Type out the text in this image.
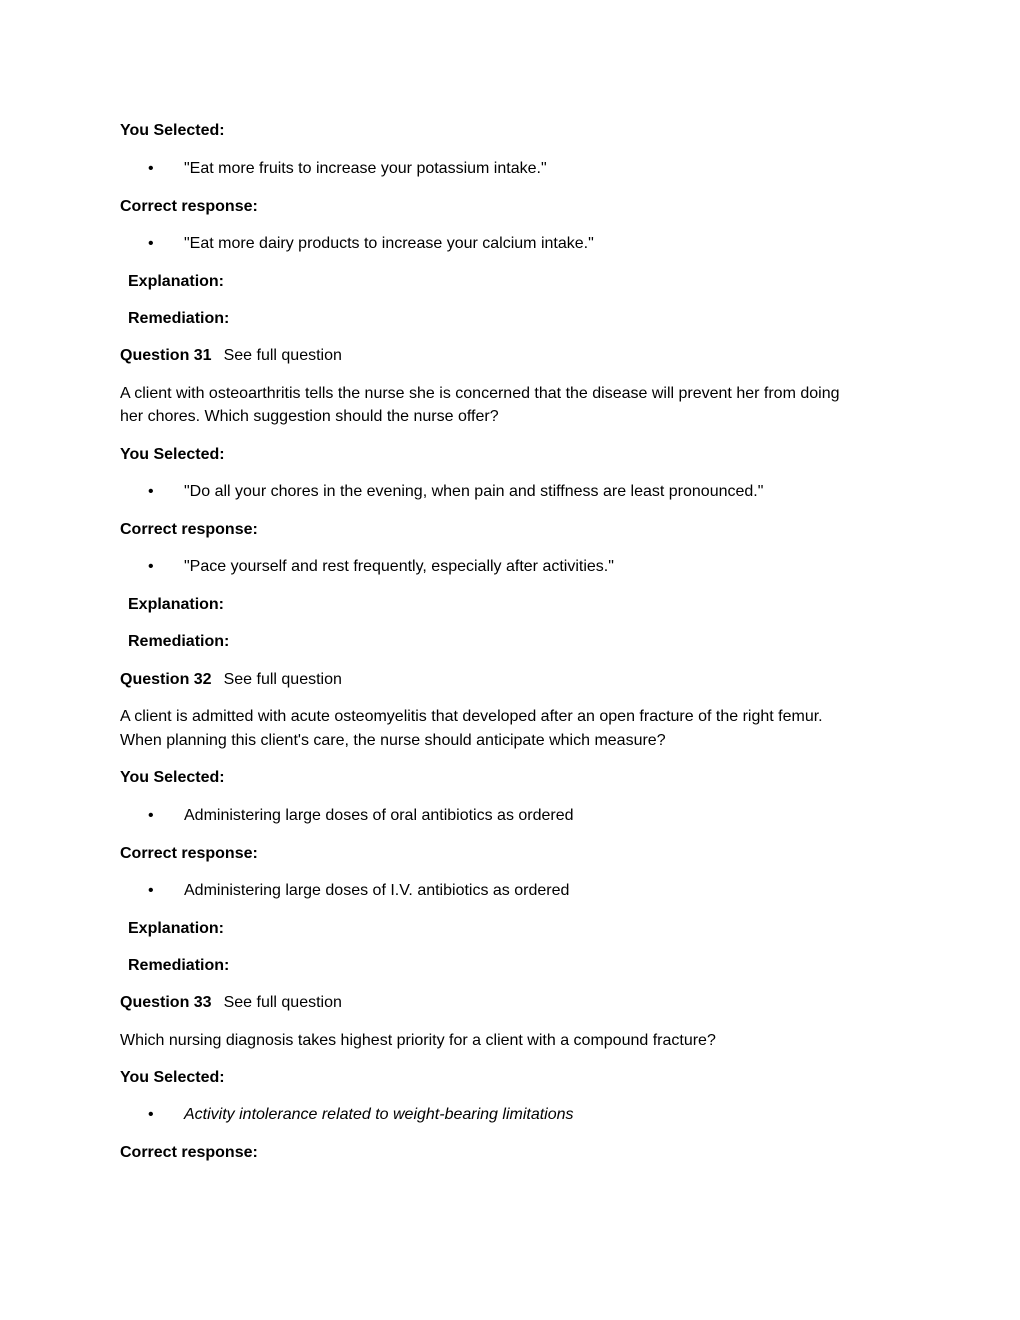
You Selected:
• "Eat more fruits to increase your potassium intake."
Correct response:
• "Eat more dairy products to increase your calcium intake."
Explanation:
Remediation:
Question 31 See full question
A client with osteoarthritis tells the nurse she is concerned that the disease will prevent her from doing
her chores. Which suggestion should the nurse offer?
You Selected:
• "Do all your chores in the evening, when pain and stiffness are least pronounced."
Correct response:
• "Pace yourself and rest frequently, especially after activities."
Explanation:
Remediation:
Question 32 See full question
A client is admitted with acute osteomyelitis that developed after an open fracture of the right femur.
When planning this client's care, the nurse should anticipate which measure?
You Selected:
• Administering large doses of oral antibiotics as ordered
Correct response:
• Administering large doses of I.V. antibiotics as ordered
Explanation:
Remediation:
Question 33 See full question
Which nursing diagnosis takes highest priority for a client with a compound fracture?
You Selected:
• Activity intolerance related to weight-bearing limitations
Correct response:
